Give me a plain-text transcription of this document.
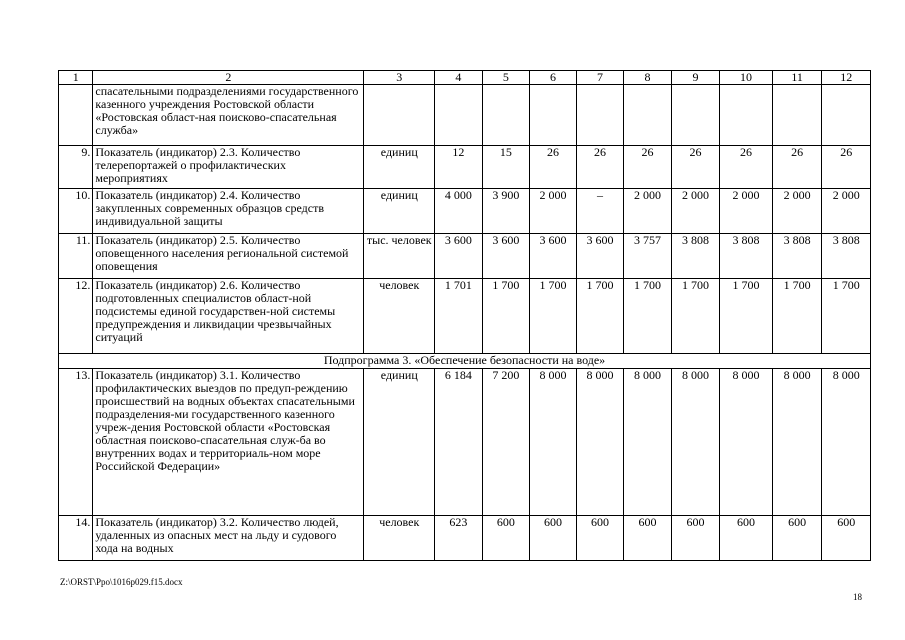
1	2	3	4	5	6	7	8	9	10	11	12
	спасательными подразделениями государственного казенного учреждения Ростовской области «Ростовская област-ная поисково-спасательная служба»										
9.	Показатель (индикатор) 2.3. Количество телерепортажей о профилактических мероприятиях	единиц	12	15	26	26	26	26	26	26	26
10.	Показатель (индикатор) 2.4. Количество закупленных современных образцов средств индивидуальной защиты	единиц	4 000	3 900	2 000	–	2 000	2 000	2 000	2 000	2 000
11.	Показатель (индикатор) 2.5. Количество оповещенного населения региональной системой оповещения	тыс. человек	3 600	3 600	3 600	3 600	3 757	3 808	3 808	3 808	3 808
12.	Показатель (индикатор) 2.6. Количество подготовленных специалистов област-ной подсистемы единой государствен-ной системы предупреждения и ликвидации чрезвычайных ситуаций	человек	1 701	1 700	1 700	1 700	1 700	1 700	1 700	1 700	1 700
Подпрограмма 3. «Обеспечение безопасности на воде»											
13.	Показатель (индикатор) 3.1. Количество профилактических выездов по предуп-реждению происшествий на водных объектах спасательными подразделения-ми государственного казенного учреж-дения Ростовской области «Ростовская областная поисково-спасательная служ-ба во внутренних водах и территориаль-ном море Российской Федерации»	единиц	6 184	7 200	8 000	8 000	8 000	8 000	8 000	8 000	8 000
14.	Показатель (индикатор) 3.2. Количество людей, удаленных из опасных мест на льду и судового хода на водных	человек	623	600	600	600	600	600	600	600	600
Z:\ORST\Ppo\1016p029.f15.docx
18
